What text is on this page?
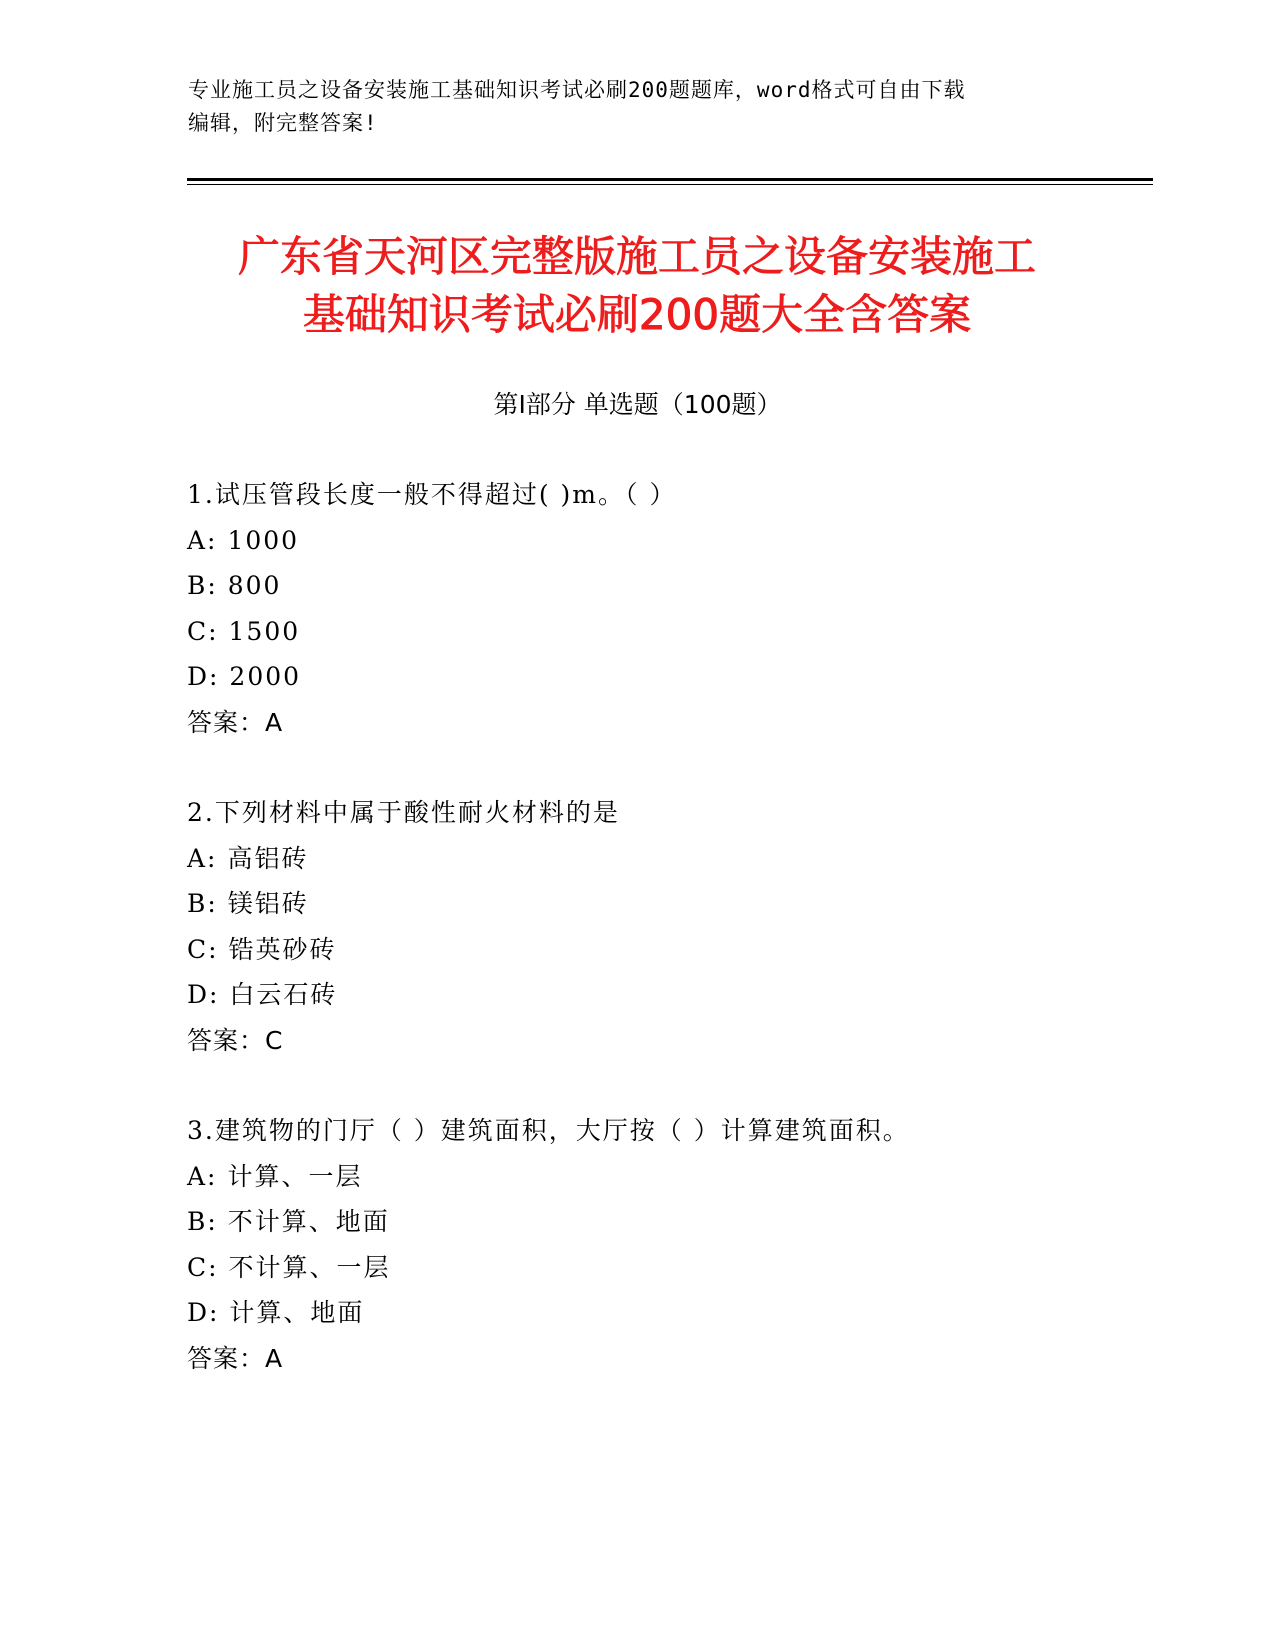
专业施工员之设备安装施工基础知识考试必刷200题题库，word格式可自由下载
编辑，附完整答案!
广东省天河区完整版施工员之设备安装施工
基础知识考试必刷200题大全含答案
第Ⅰ部分 单选题（100题）
1.试压管段长度一般不得超过( )m。（ ）
A: 1000
B: 800
C: 1500
D: 2000
答案：A
2.下列材料中属于酸性耐火材料的是
A: 高铝砖
B: 镁铝砖
C: 锆英砂砖
D: 白云石砖
答案：C
3.建筑物的门厅（ ）建筑面积，大厅按（ ）计算建筑面积。
A: 计算、一层
B: 不计算、地面
C: 不计算、一层
D: 计算、地面
答案：A
